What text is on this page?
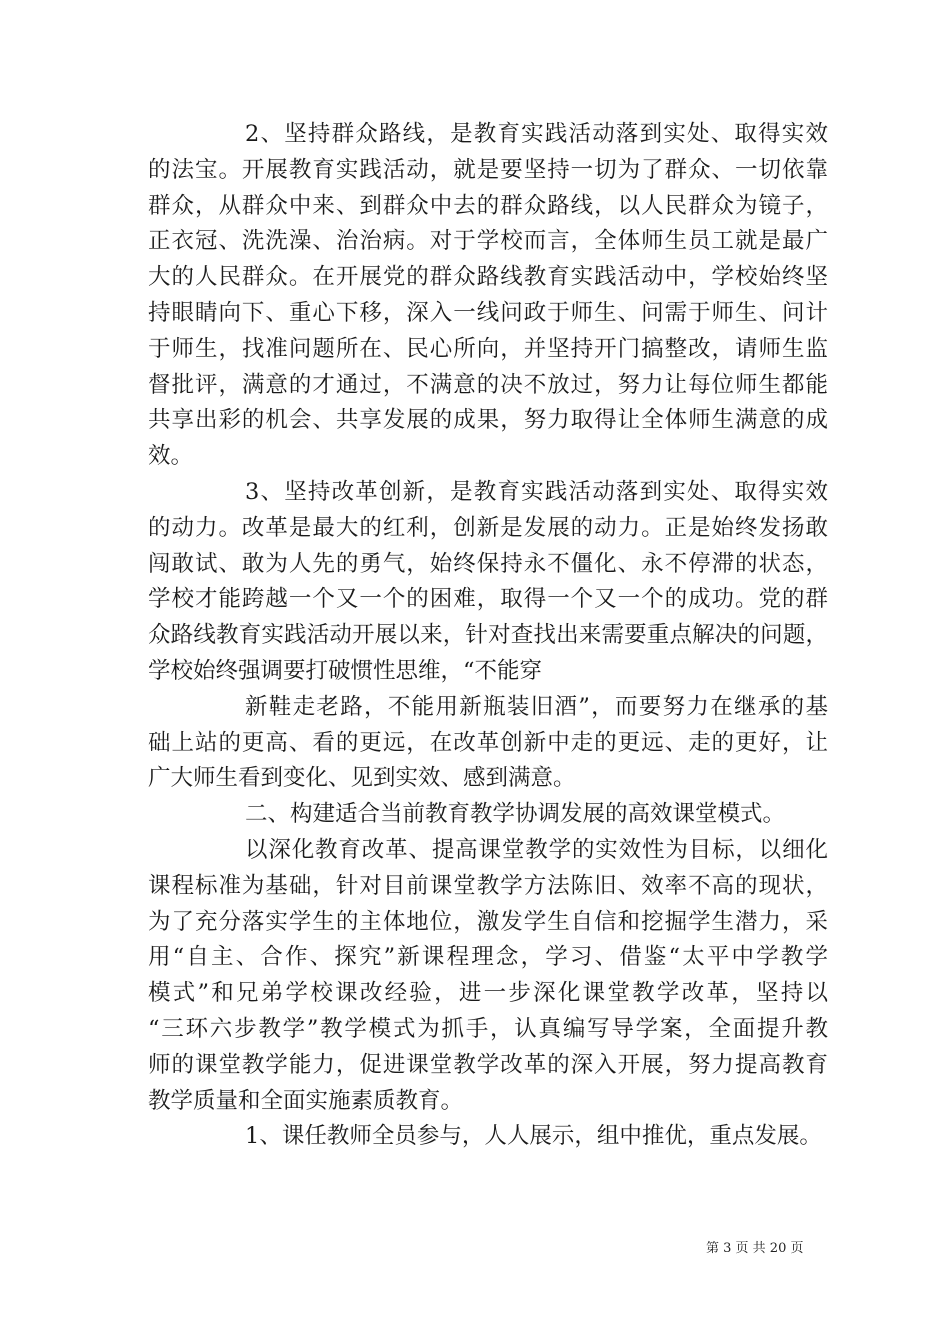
2、坚持群众路线，是教育实践活动落到实处、取得实效
的法宝。开展教育实践活动，就是要坚持一切为了群众、一切依靠
群众，从群众中来、到群众中去的群众路线，以人民群众为镜子，
正衣冠、洗洗澡、治治病。对于学校而言，全体师生员工就是最广
大的人民群众。在开展党的群众路线教育实践活动中，学校始终坚
持眼睛向下、重心下移，深入一线问政于师生、问需于师生、问计
于师生，找准问题所在、民心所向，并坚持开门搞整改，请师生监
督批评，满意的才通过，不满意的决不放过，努力让每位师生都能
共享出彩的机会、共享发展的成果，努力取得让全体师生满意的成
效。
3、坚持改革创新，是教育实践活动落到实处、取得实效
的动力。改革是最大的红利，创新是发展的动力。正是始终发扬敢
闯敢试、敢为人先的勇气，始终保持永不僵化、永不停滞的状态，
学校才能跨越一个又一个的困难，取得一个又一个的成功。党的群
众路线教育实践活动开展以来，针对查找出来需要重点解决的问题，
学校始终强调要打破惯性思维，“不能穿
新鞋走老路，不能用新瓶装旧酒”，而要努力在继承的基
础上站的更高、看的更远，在改革创新中走的更远、走的更好，让
广大师生看到变化、见到实效、感到满意。
二、构建适合当前教育教学协调发展的高效课堂模式。
以深化教育改革、提高课堂教学的实效性为目标，以细化
课程标准为基础，针对目前课堂教学方法陈旧、效率不高的现状，
为了充分落实学生的主体地位，激发学生自信和挖掘学生潜力，采
用“自主、合作、探究”新课程理念，学习、借鉴“太平中学教学
模式”和兄弟学校课改经验，进一步深化课堂教学改革，坚持以
“三环六步教学”教学模式为抓手，认真编写导学案，全面提升教
师的课堂教学能力，促进课堂教学改革的深入开展，努力提高教育
教学质量和全面实施素质教育。
1、课任教师全员参与，人人展示，组中推优，重点发展。
第 3 页 共 20 页
